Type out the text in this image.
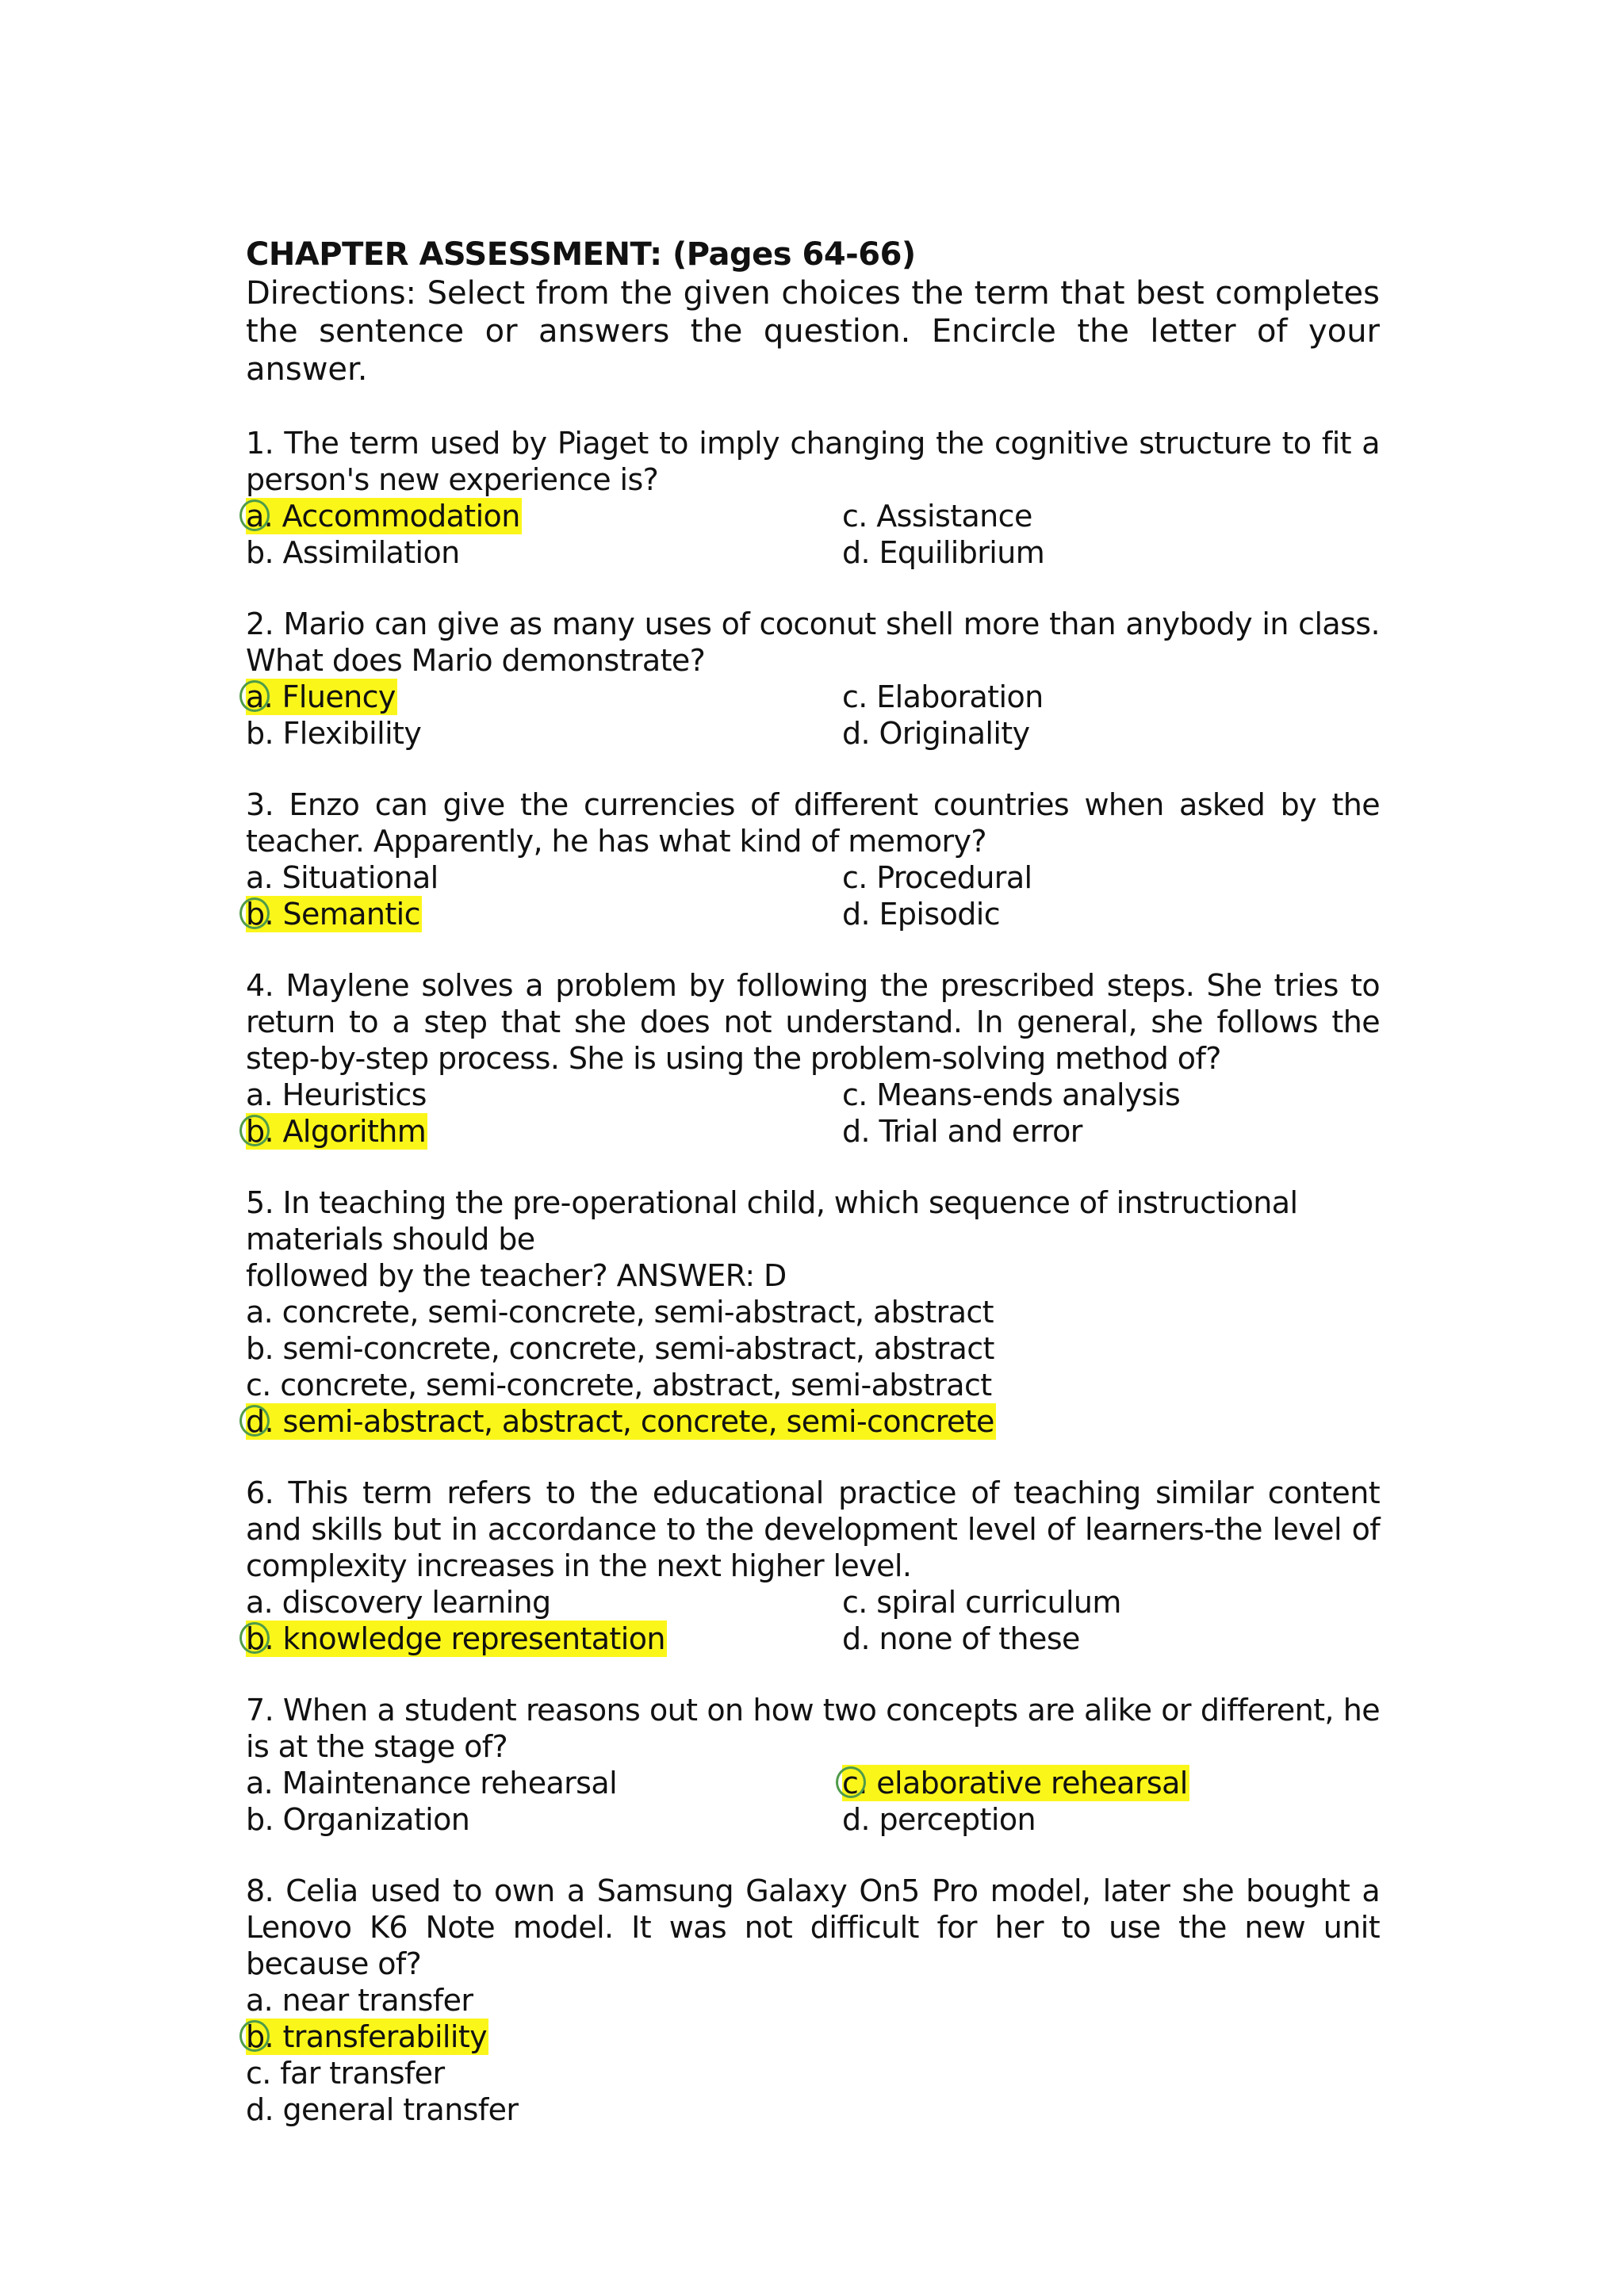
CHAPTER ASSESSMENT: (Pages 64-66)

Directions: Select from the given choices the term that best completes the sentence or answers the question. Encircle the letter of your answer.

1. The term used by Piaget to imply changing the cognitive structure to fit a person's new experience is?

a. Accommodation	c. Assistance
b. Assimilation	d. Equilibrium

2. Mario can give as many uses of coconut shell more than anybody in class. What does Mario demonstrate?

a. Fluency	c. Elaboration
b. Flexibility	d. Originality

3. Enzo can give the currencies of different countries when asked by the teacher. Apparently, he has what kind of memory?

a. Situational	c. Procedural
b. Semantic	d. Episodic

4. Maylene solves a problem by following the prescribed steps. She tries to return to a step that she does not understand. In general, she follows the step-by-step process. She is using the problem-solving method of?

a. Heuristics	c. Means-ends analysis
b. Algorithm	d. Trial and error

5. In teaching the pre-operational child, which sequence of instructional materials should be
followed by the teacher? ANSWER: D

a. concrete, semi-concrete, semi-abstract, abstract
b. semi-concrete, concrete, semi-abstract, abstract
c. concrete, semi-concrete, abstract, semi-abstract
d. semi-abstract, abstract, concrete, semi-concrete

6. This term refers to the educational practice of teaching similar content and skills but in accordance to the development level of learners-the level of complexity increases in the next higher level.

a. discovery learning	c. spiral curriculum
b. knowledge representation	d. none of these

7. When a student reasons out on how two concepts are alike or different, he is at the stage of?

a. Maintenance rehearsal	c. elaborative rehearsal
b. Organization	d. perception

8. Celia used to own a Samsung Galaxy On5 Pro model, later she bought a Lenovo K6 Note model. It was not difficult for her to use the new unit because of?

a. near transfer
b. transferability
c. far transfer
d. general transfer
